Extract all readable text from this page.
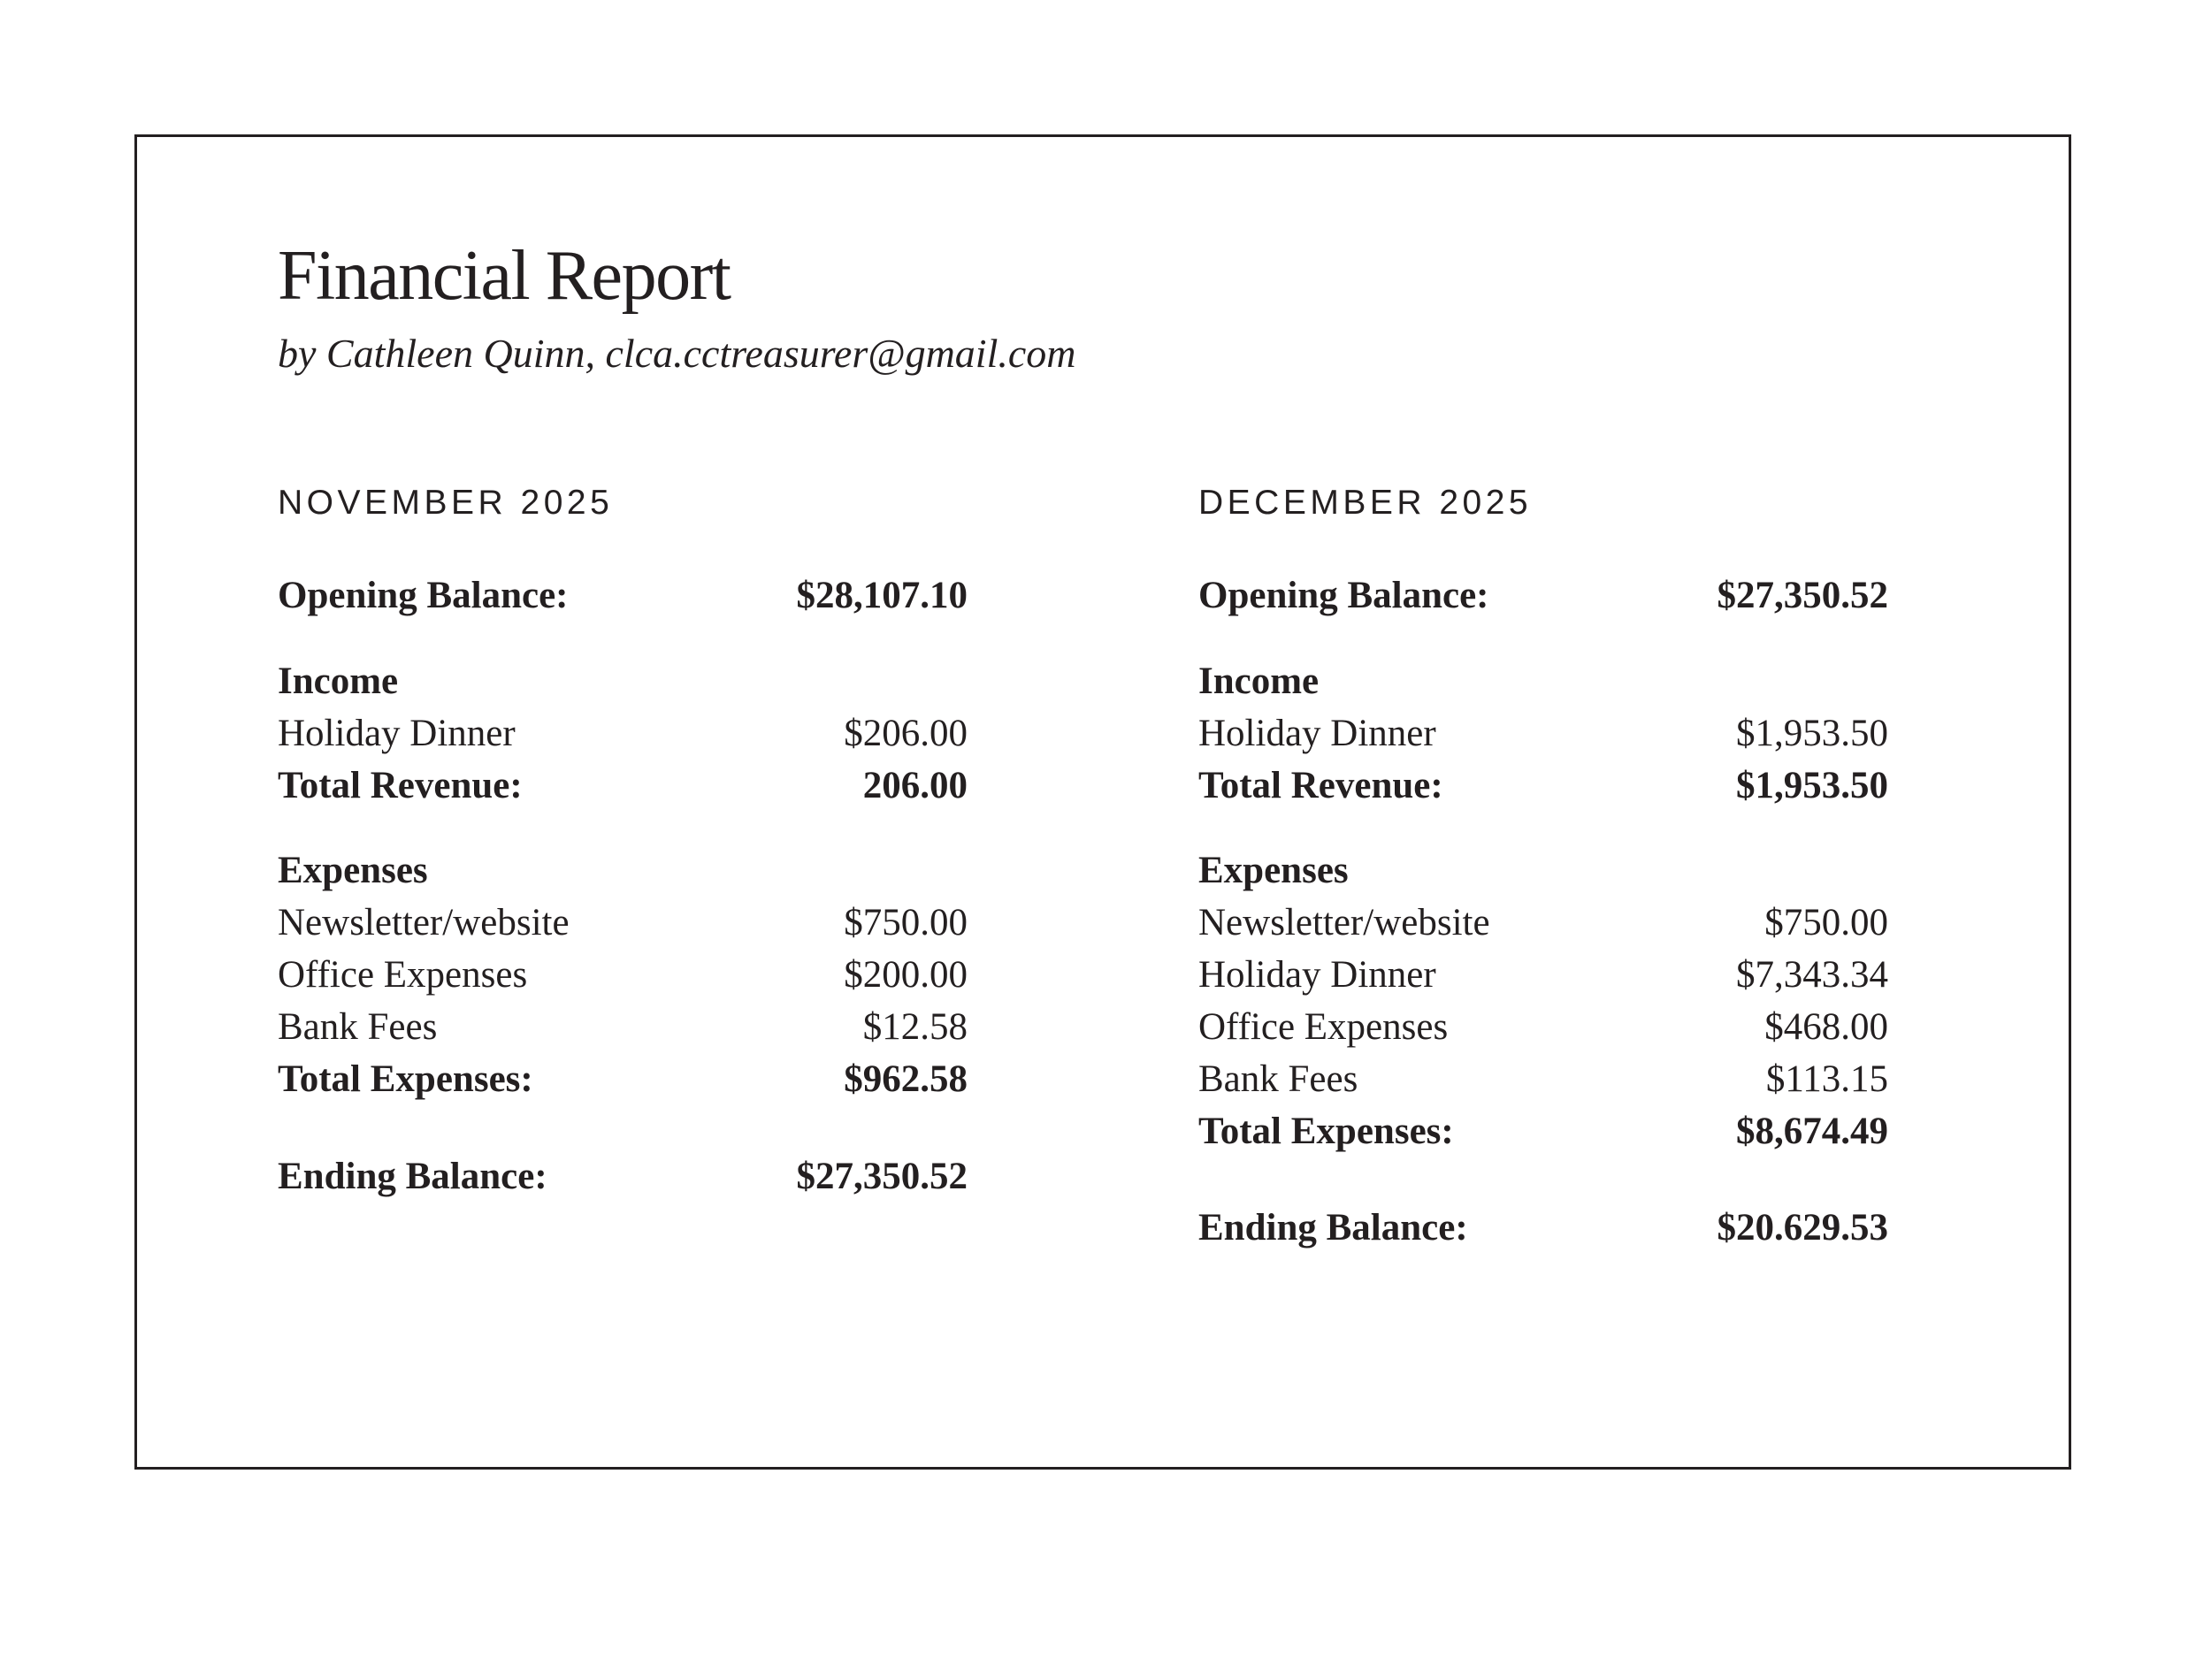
Financial Report
by Cathleen Quinn, clca.cctreasurer@gmail.com
NOVEMBER 2025
Opening Balance:	$28,107.10
Income
Holiday Dinner	$206.00
Total Revenue:	206.00
Expenses
Newsletter/website	$750.00
Office Expenses	$200.00
Bank Fees	$12.58
Total Expenses:	$962.58
Ending Balance:	$27,350.52
DECEMBER 2025
Opening Balance:	$27,350.52
Income
Holiday Dinner	$1,953.50
Total Revenue:	$1,953.50
Expenses
Newsletter/website	$750.00
Holiday Dinner	$7,343.34
Office Expenses	$468.00
Bank Fees	$113.15
Total Expenses:	$8,674.49
Ending Balance:	$20.629.53
